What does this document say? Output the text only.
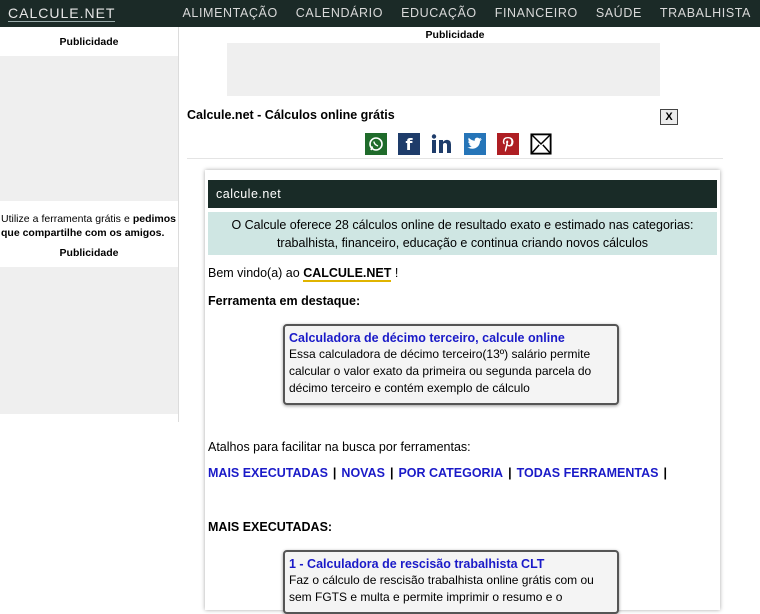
CALCULE.NET	ALIMENTAÇÃO CALENDÁRIO EDUCAÇÃO FINANCEIRO SAÚDE TRABALHISTA
Publicidade
Utilize a ferramenta grátis e pedimos que compartilhe com os amigos.
Publicidade
Publicidade
Calcule.net - Cálculos online grátis	X
f
calcule.net
O Calcule oferece 28 cálculos online de resultado exato e estimado nas categorias: trabalhista, financeiro, educação e continua criando novos cálculos
Bem vindo(a) ao CALCULE.NET !
Ferramenta em destaque:
Calculadora de décimo terceiro, calcule online
Essa calculadora de décimo terceiro(13º) salário permite calcular o valor exato da primeira ou segunda parcela do décimo terceiro e contém exemplo de cálculo
Atalhos para facilitar na busca por ferramentas:
MAIS EXECUTADAS | NOVAS | POR CATEGORIA | TODAS FERRAMENTAS |
MAIS EXECUTADAS:
1 - Calculadora de rescisão trabalhista CLT
Faz o cálculo de rescisão trabalhista online grátis com ou sem FGTS e multa e permite imprimir o resumo e o
